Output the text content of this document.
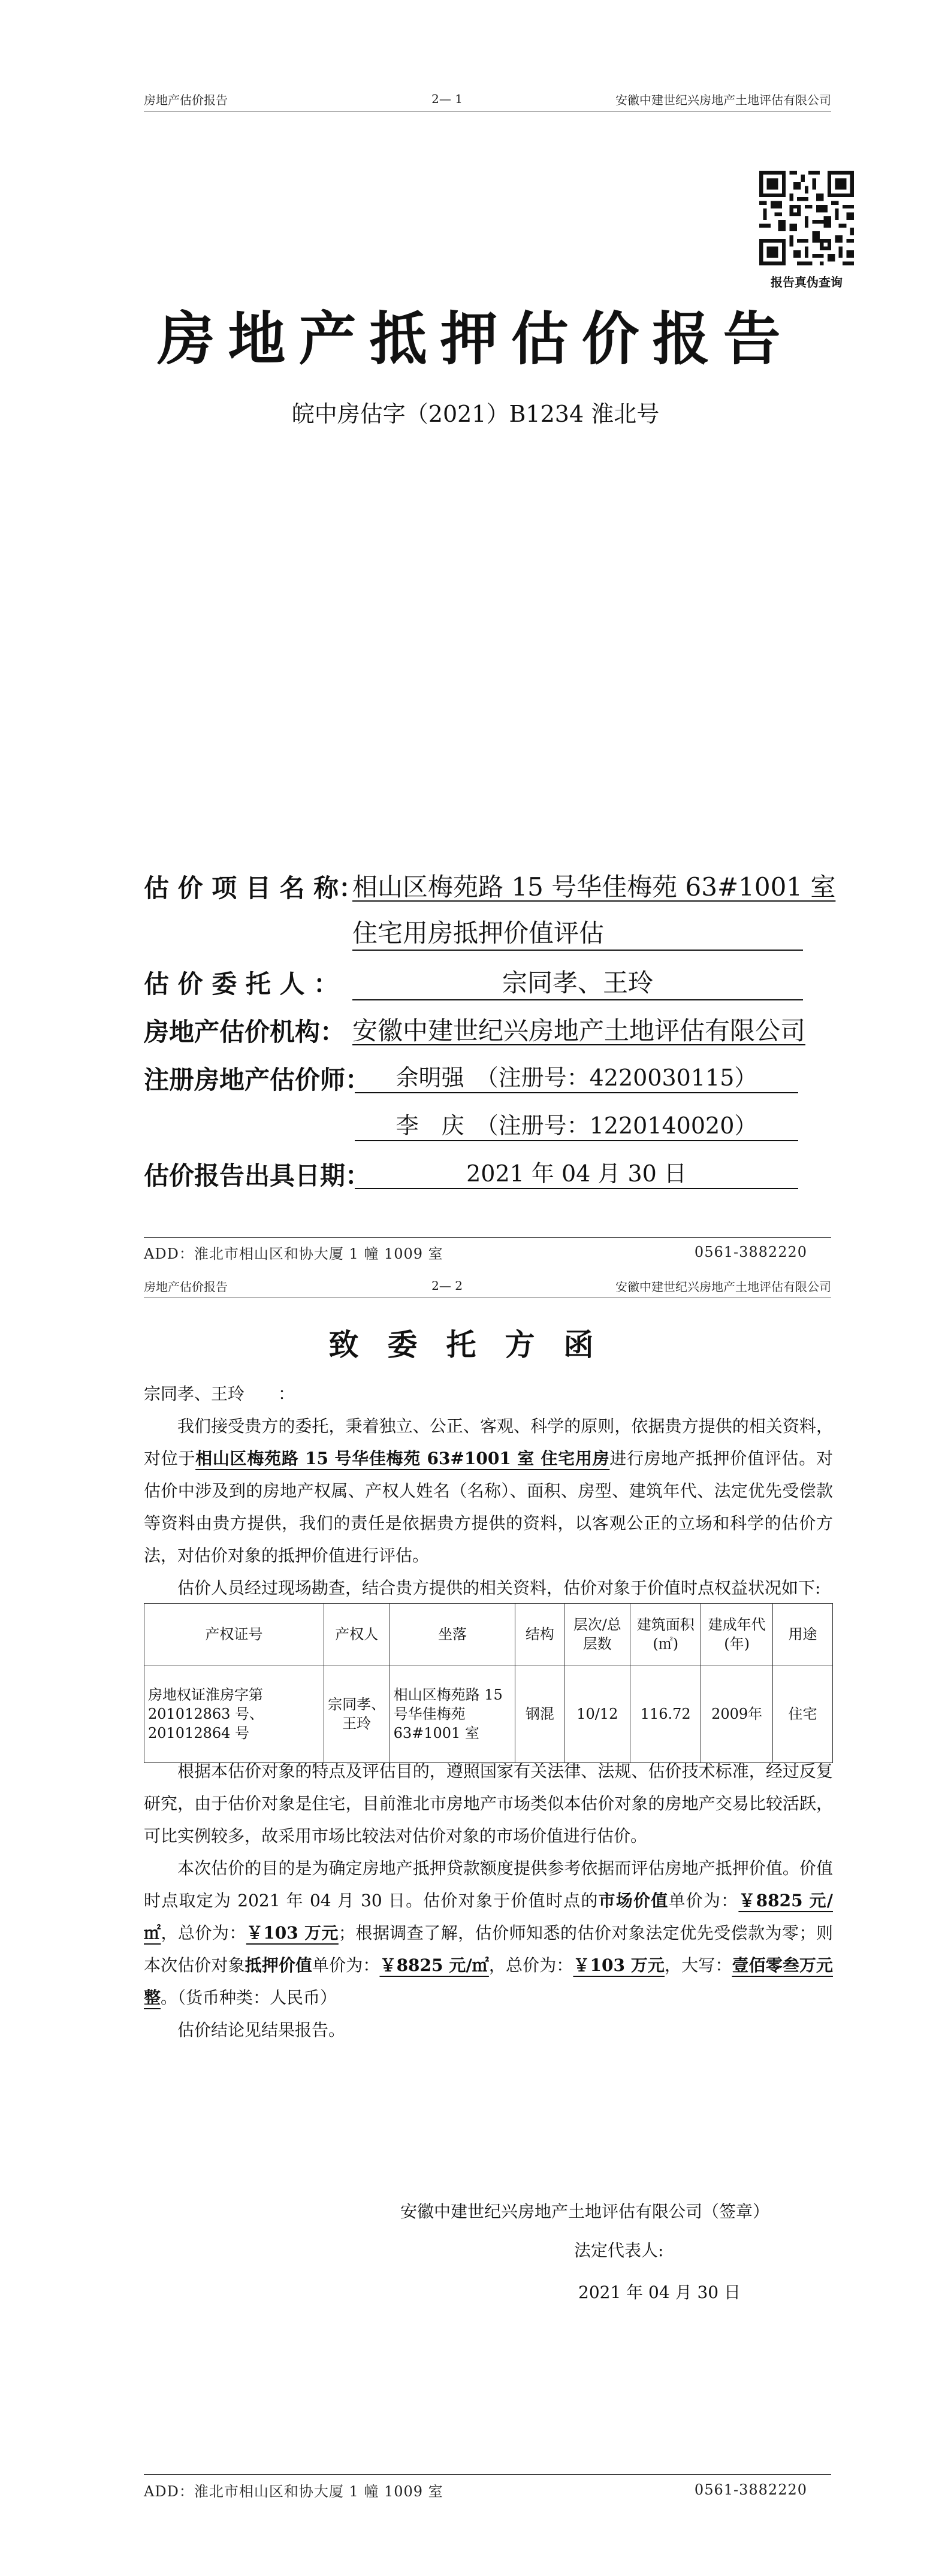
房地产估价报告	2— 1	安徽中建世纪兴房地产土地评估有限公司
报告真伪查询
房地产抵押估价报告
皖中房估字（2021）B1234 淮北号
估 价 项 目 名 称：
相山区梅苑路 15 号华佳梅苑 63#1001 室
住宅用房抵押价值评估
估 价 委 托 人 ：	宗同孝、王玲
房地产估价机构： 安徽中建世纪兴房地产土地评估有限公司
注册房地产估价师：	余明强　（注册号：4220030115）
李　庆　（注册号：1220140020）
估价报告出具日期：	2021 年 04 月 30 日
ADD：淮北市相山区和协大厦 1 幢 1009 室	0561-3882220
房地产估价报告	2— 2	安徽中建世纪兴房地产土地评估有限公司
致委托方函

宗同孝、王玲　　：

我们接受贵方的委托，秉着独立、公正、客观、科学的原则，依据贵方提供的相关资料，对位于相山区梅苑路 15 号华佳梅苑 63#1001 室 住宅用房进行房地产抵押价值评估。对估价中涉及到的房地产权属、产权人姓名（名称）、面积、房型、建筑年代、法定优先受偿款等资料由贵方提供，我们的责任是依据贵方提供的资料，以客观公正的立场和科学的估价方法，对估价对象的抵押价值进行评估。

估价人员经过现场勘查，结合贵方提供的相关资料，估价对象于价值时点权益状况如下:

产权证号	产权人	坐落	结构	层次/总层数	建筑面积(㎡)	建成年代(年)	用途
房地权证淮房字第 201012863 号、201012864 号	宗同孝、王玲	相山区梅苑路 15 号华佳梅苑 63#1001 室	钢混	10/12	116.72	2009年	住宅

根据本估价对象的特点及评估目的，遵照国家有关法律、法规、估价技术标准，经过反复研究，由于估价对象是住宅，目前淮北市房地产市场类似本估价对象的房地产交易比较活跃，可比实例较多，故采用市场比较法对估价对象的市场价值进行估价。

本次估价的目的是为确定房地产抵押贷款额度提供参考依据而评估房地产抵押价值。价值时点取定为 2021 年 04 月 30 日。估价对象于价值时点的市场价值单价为：￥8825 元/㎡，总价为：￥103 万元；根据调查了解，估价师知悉的估价对象法定优先受偿款为零；则本次估价对象抵押价值单价为：￥8825 元/㎡，总价为：￥103 万元，大写：壹佰零叁万元整。（货币种类：人民币）

估价结论见结果报告。

安徽中建世纪兴房地产土地评估有限公司（签章）
法定代表人:
2021 年 04 月 30 日
ADD：淮北市相山区和协大厦 1 幢 1009 室	0561-3882220
